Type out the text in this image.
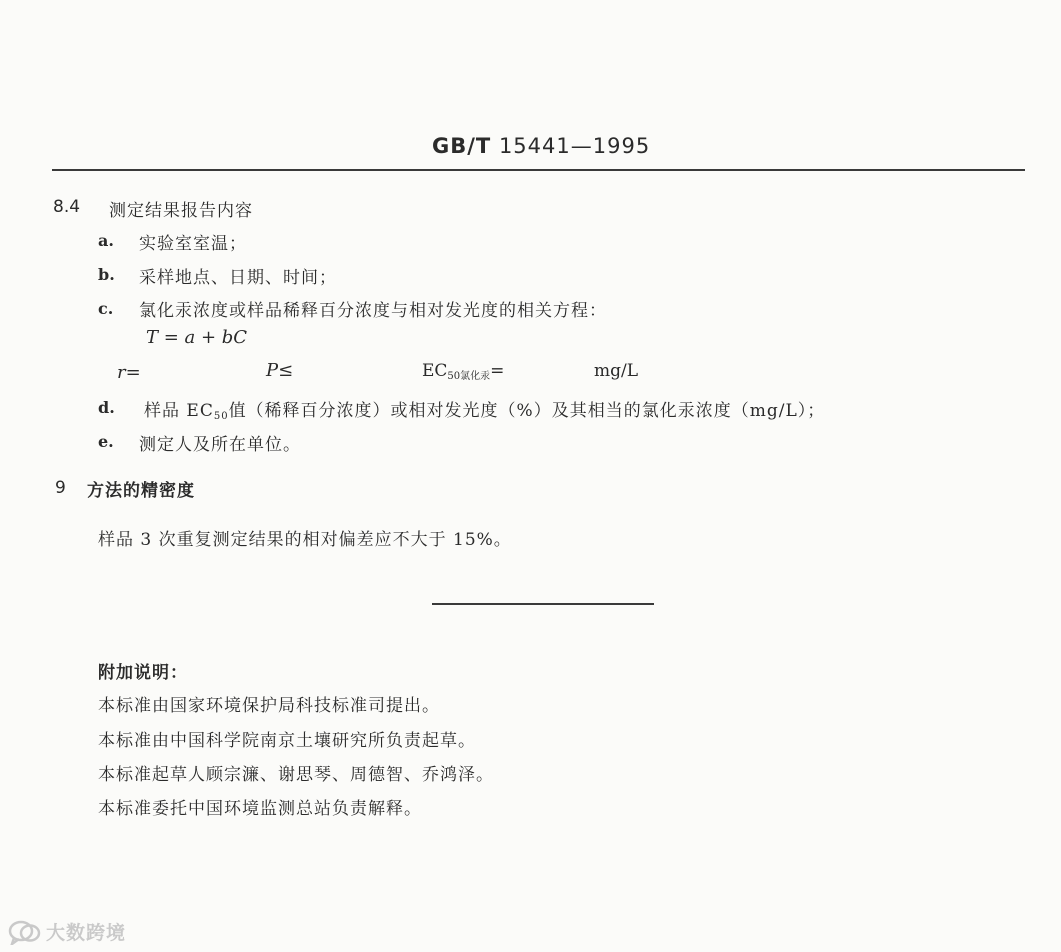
GB/T 15441—1995
8.4 测定结果报告内容
a. 实验室室温；
b. 采样地点、日期、时间；
c. 氯化汞浓度或样品稀释百分浓度与相对发光度的相关方程：
T = a + bC
r=	P≤	$EC_{50氯化汞}=$	mg/L
d. 样品 $EC_{50}$值（稀释百分浓度）或相对发光度（%）及其相当的氯化汞浓度（mg/L）；
e. 测定人及所在单位。
9 方法的精密度
样品 3 次重复测定结果的相对偏差应不大于 15%。
附加说明：
本标准由国家环境保护局科技标准司提出。
本标准由中国科学院南京土壤研究所负责起草。
本标准起草人顾宗濂、谢思琴、周德智、乔鸿泽。
本标准委托中国环境监测总站负责解释。
大数跨境
